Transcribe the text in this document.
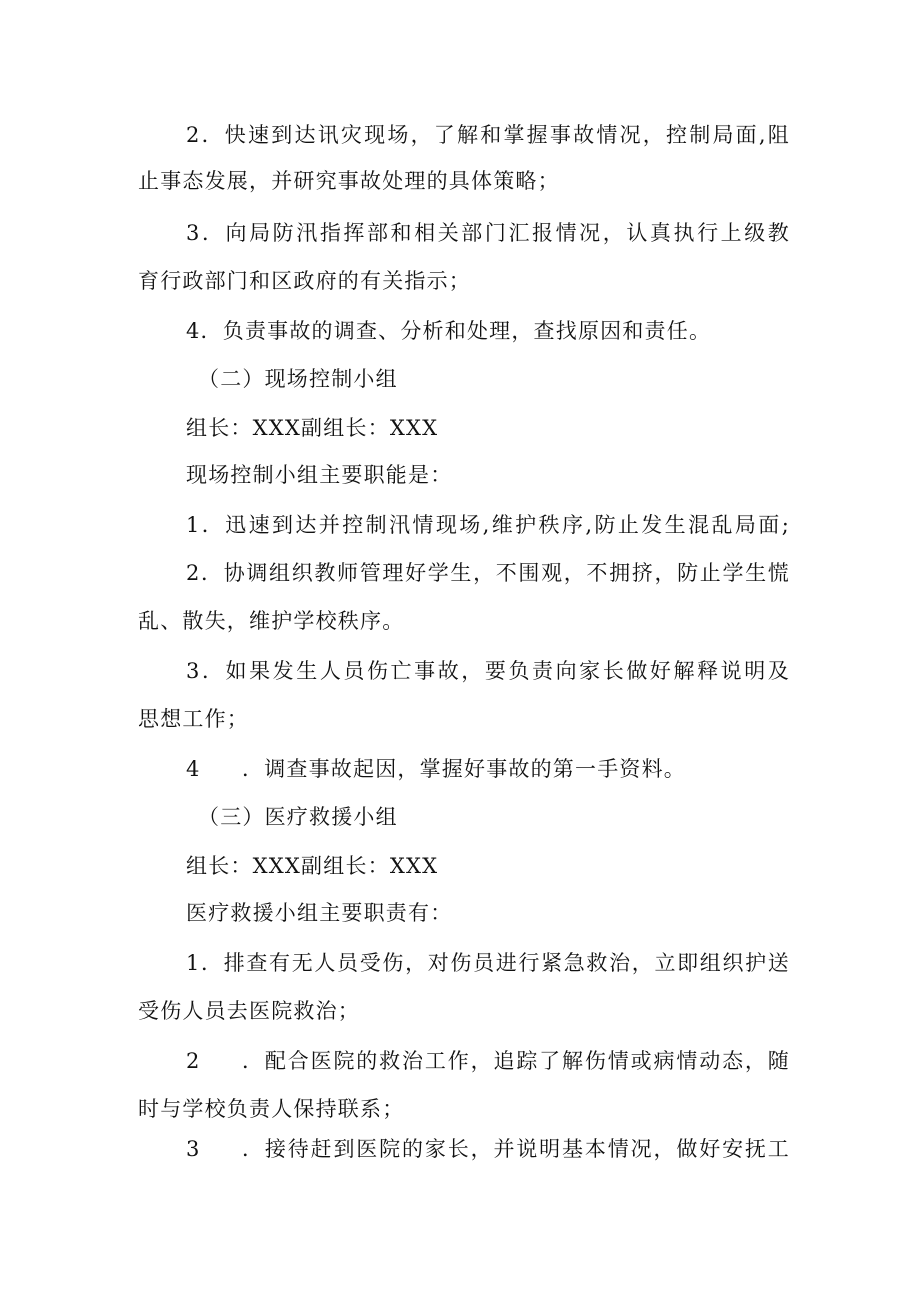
2．快速到达讯灾现场，了解和掌握事故情况，控制局面,阻
止事态发展，并研究事故处理的具体策略；
3．向局防汛指挥部和相关部门汇报情况，认真执行上级教
育行政部门和区政府的有关指示；
4．负责事故的调查、分析和处理，查找原因和责任。
（二）现场控制小组
组长：XXX副组长：XXX
现场控制小组主要职能是：
1．迅速到达并控制汛情现场,维护秩序,防止发生混乱局面;
2．协调组织教师管理好学生，不围观，不拥挤，防止学生慌
乱、散失，维护学校秩序。
3．如果发生人员伤亡事故，要负责向家长做好解释说明及
思想工作；
4 ．调查事故起因，掌握好事故的第一手资料。
（三）医疗救援小组
组长：XXX副组长：XXX
医疗救援小组主要职责有：
1．排查有无人员受伤，对伤员进行紧急救治，立即组织护送
受伤人员去医院救治；
2 ．配合医院的救治工作，追踪了解伤情或病情动态，随
时与学校负责人保持联系；
3 ．接待赶到医院的家长，并说明基本情况，做好安抚工
